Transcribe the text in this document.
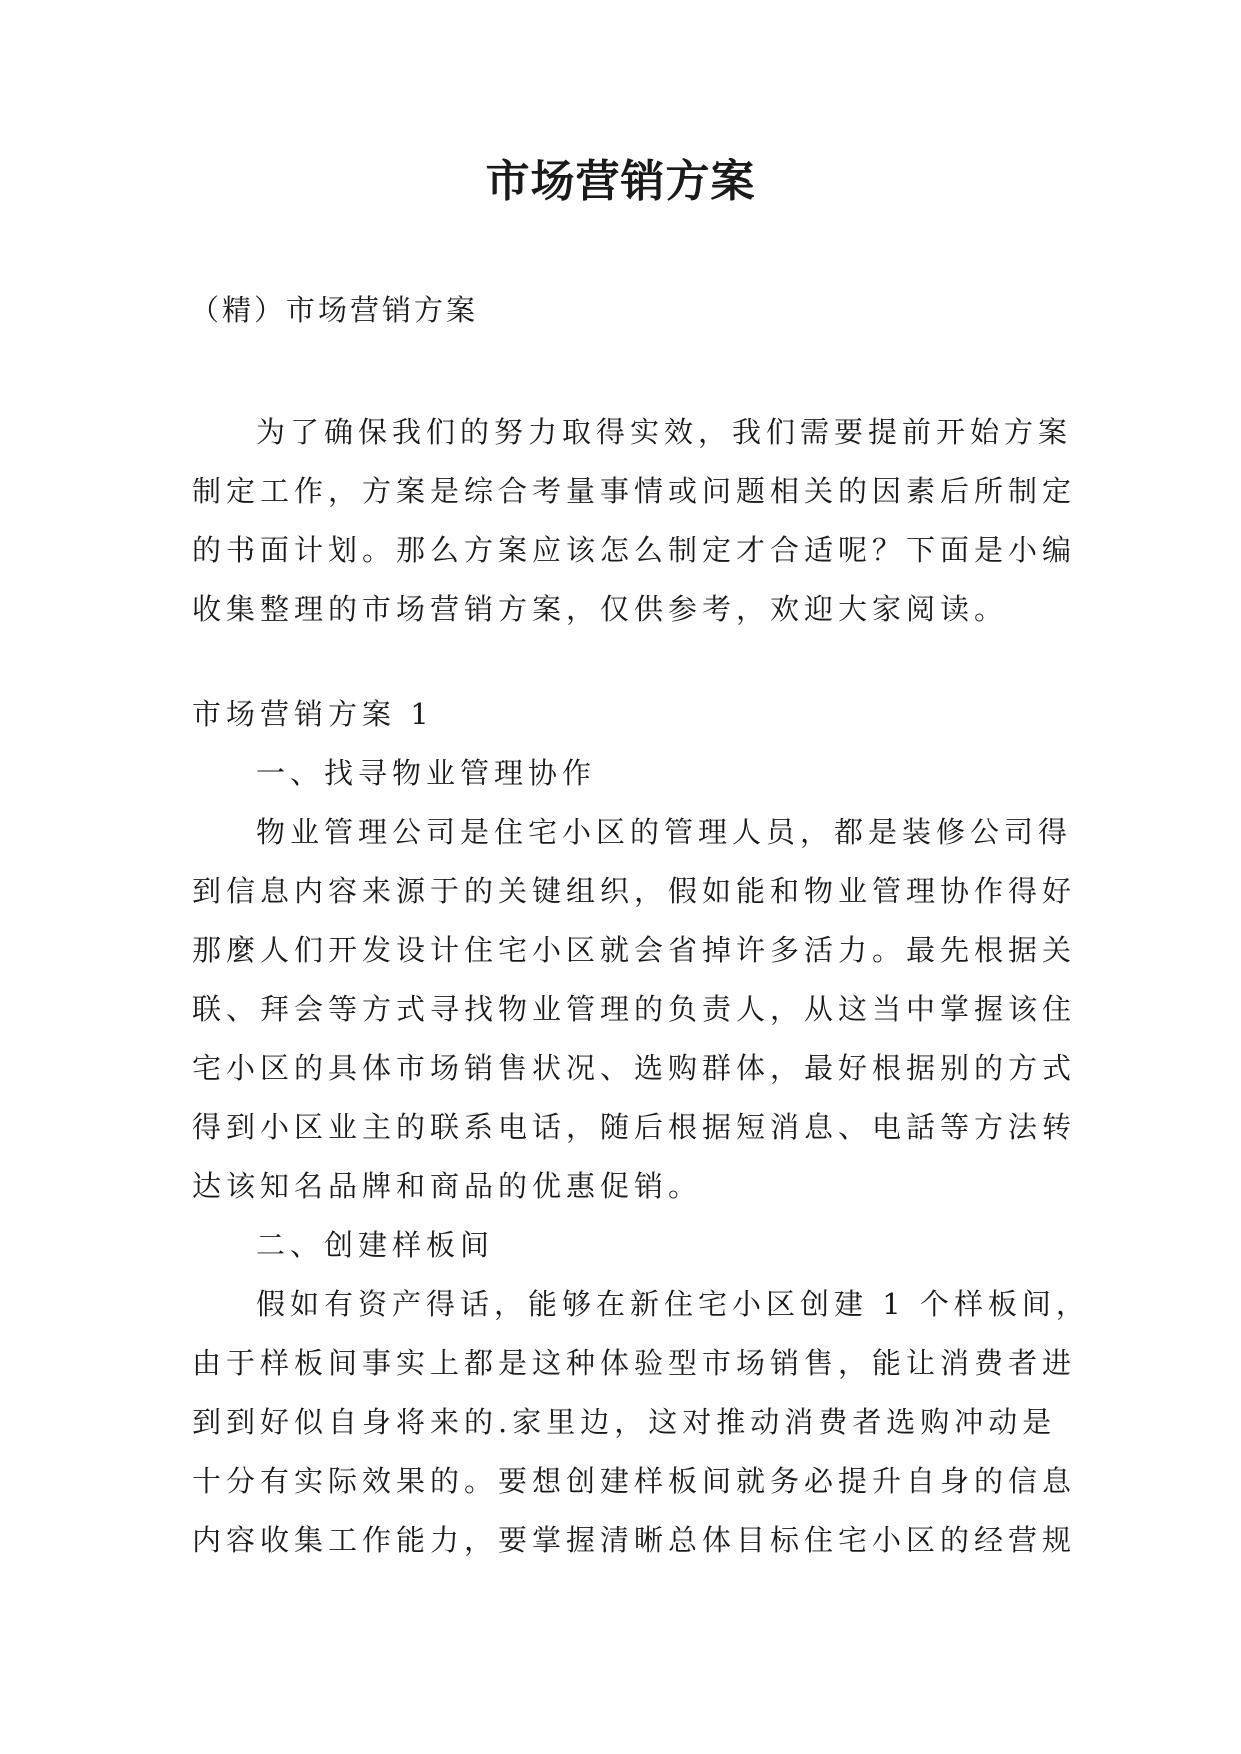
市场营销方案
（精）市场营销方案
为了确保我们的努力取得实效，我们需要提前开始方案
制定工作，方案是综合考量事情或问题相关的因素后所制定
的书面计划。那么方案应该怎么制定才合适呢？下面是小编
收集整理的市场营销方案，仅供参考，欢迎大家阅读。
市场营销方案 1
一、找寻物业管理协作
物业管理公司是住宅小区的管理人员，都是装修公司得
到信息内容来源于的关键组织，假如能和物业管理协作得好
那麼人们开发设计住宅小区就会省掉许多活力。最先根据关
联、拜会等方式寻找物业管理的负责人，从这当中掌握该住
宅小区的具体市场销售状况、选购群体，最好根据别的方式
得到小区业主的联系电话，随后根据短消息、电話等方法转
达该知名品牌和商品的优惠促销。
二、创建样板间
假如有资产得话，能够在新住宅小区创建 1 个样板间，
由于样板间事实上都是这种体验型市场销售，能让消费者进
到到好似自身将来的.家里边，这对推动消费者选购冲动是
十分有实际效果的。要想创建样板间就务必提升自身的信息
内容收集工作能力，要掌握清晰总体目标住宅小区的经营规
